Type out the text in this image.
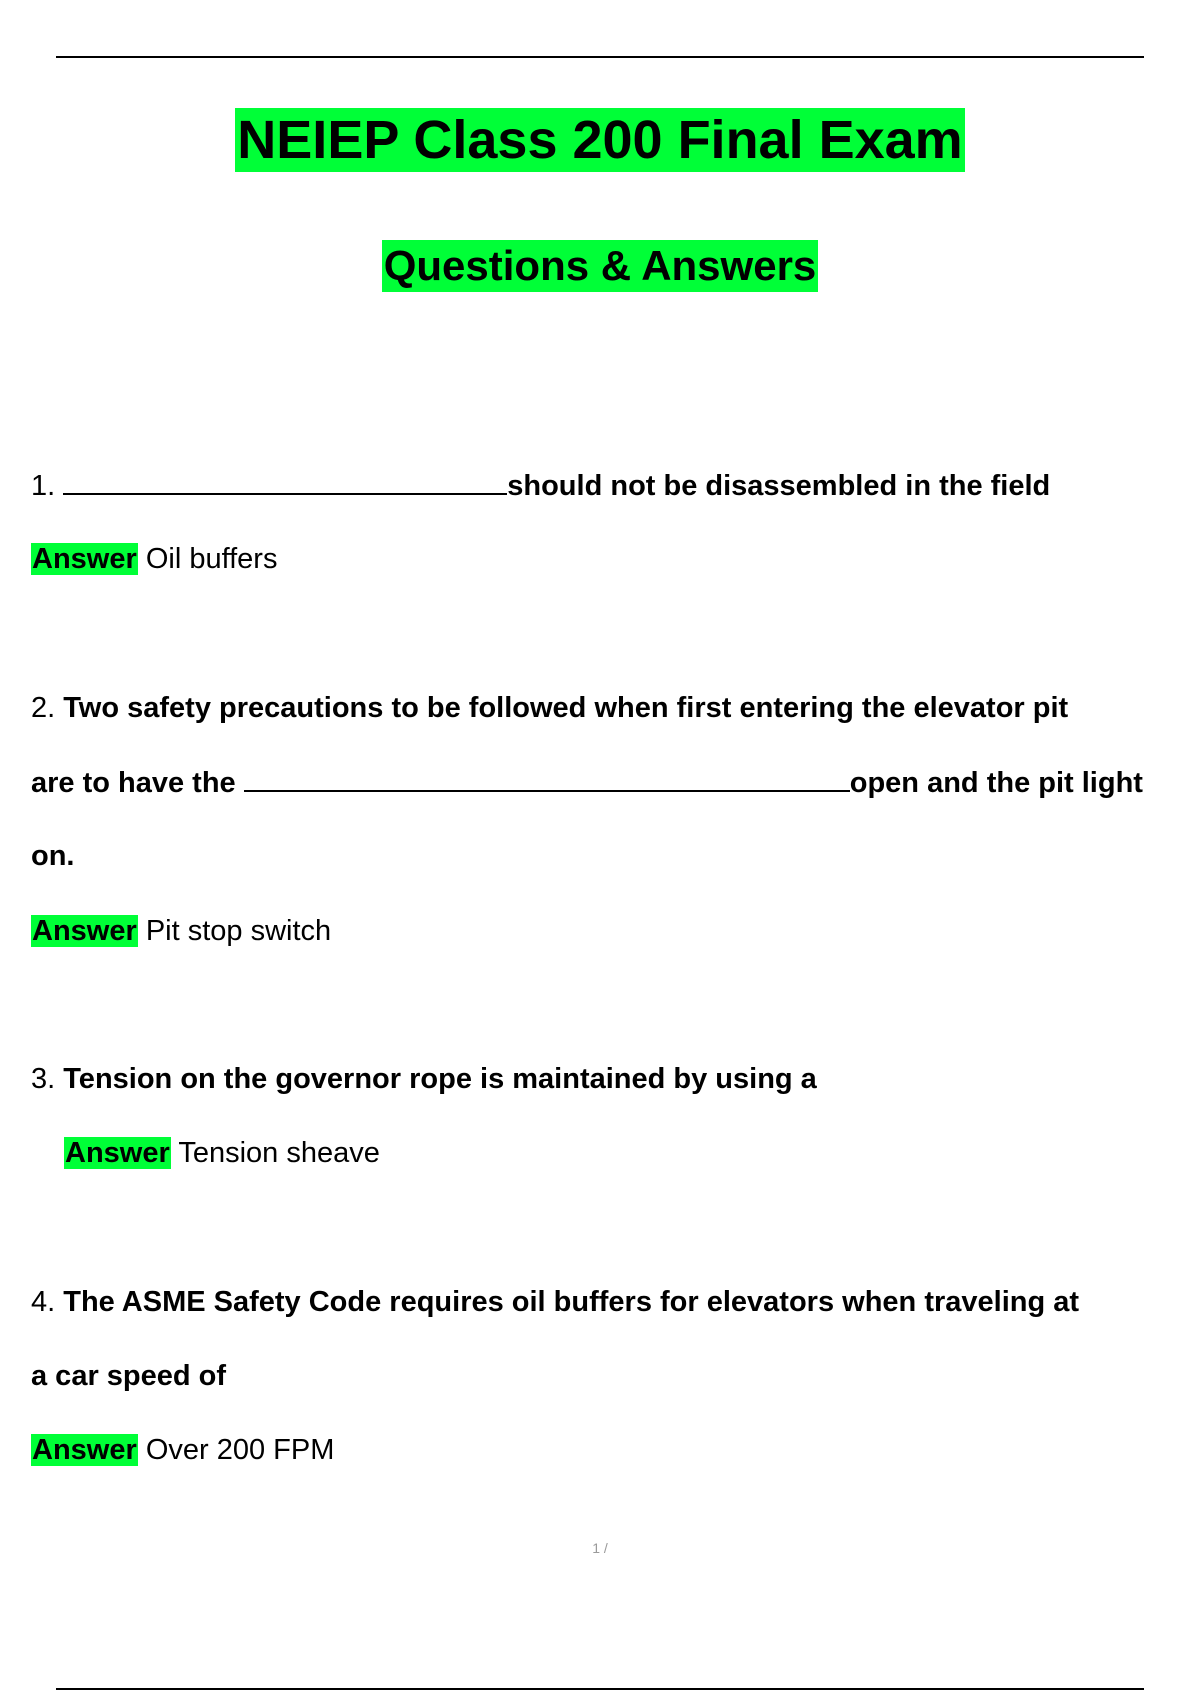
NEIEP Class 200 Final Exam
Questions & Answers
1.	should not be disassembled in the field
Answer Oil buffers
2. Two safety precautions to be followed when first entering the elevator pit
are to have the	open and the pit light
on.
Answer Pit stop switch
3. Tension on the governor rope is maintained by using a
Answer Tension sheave
4. The ASME Safety Code requires oil buffers for elevators when traveling at
a car speed of
Answer Over 200 FPM
1 /
